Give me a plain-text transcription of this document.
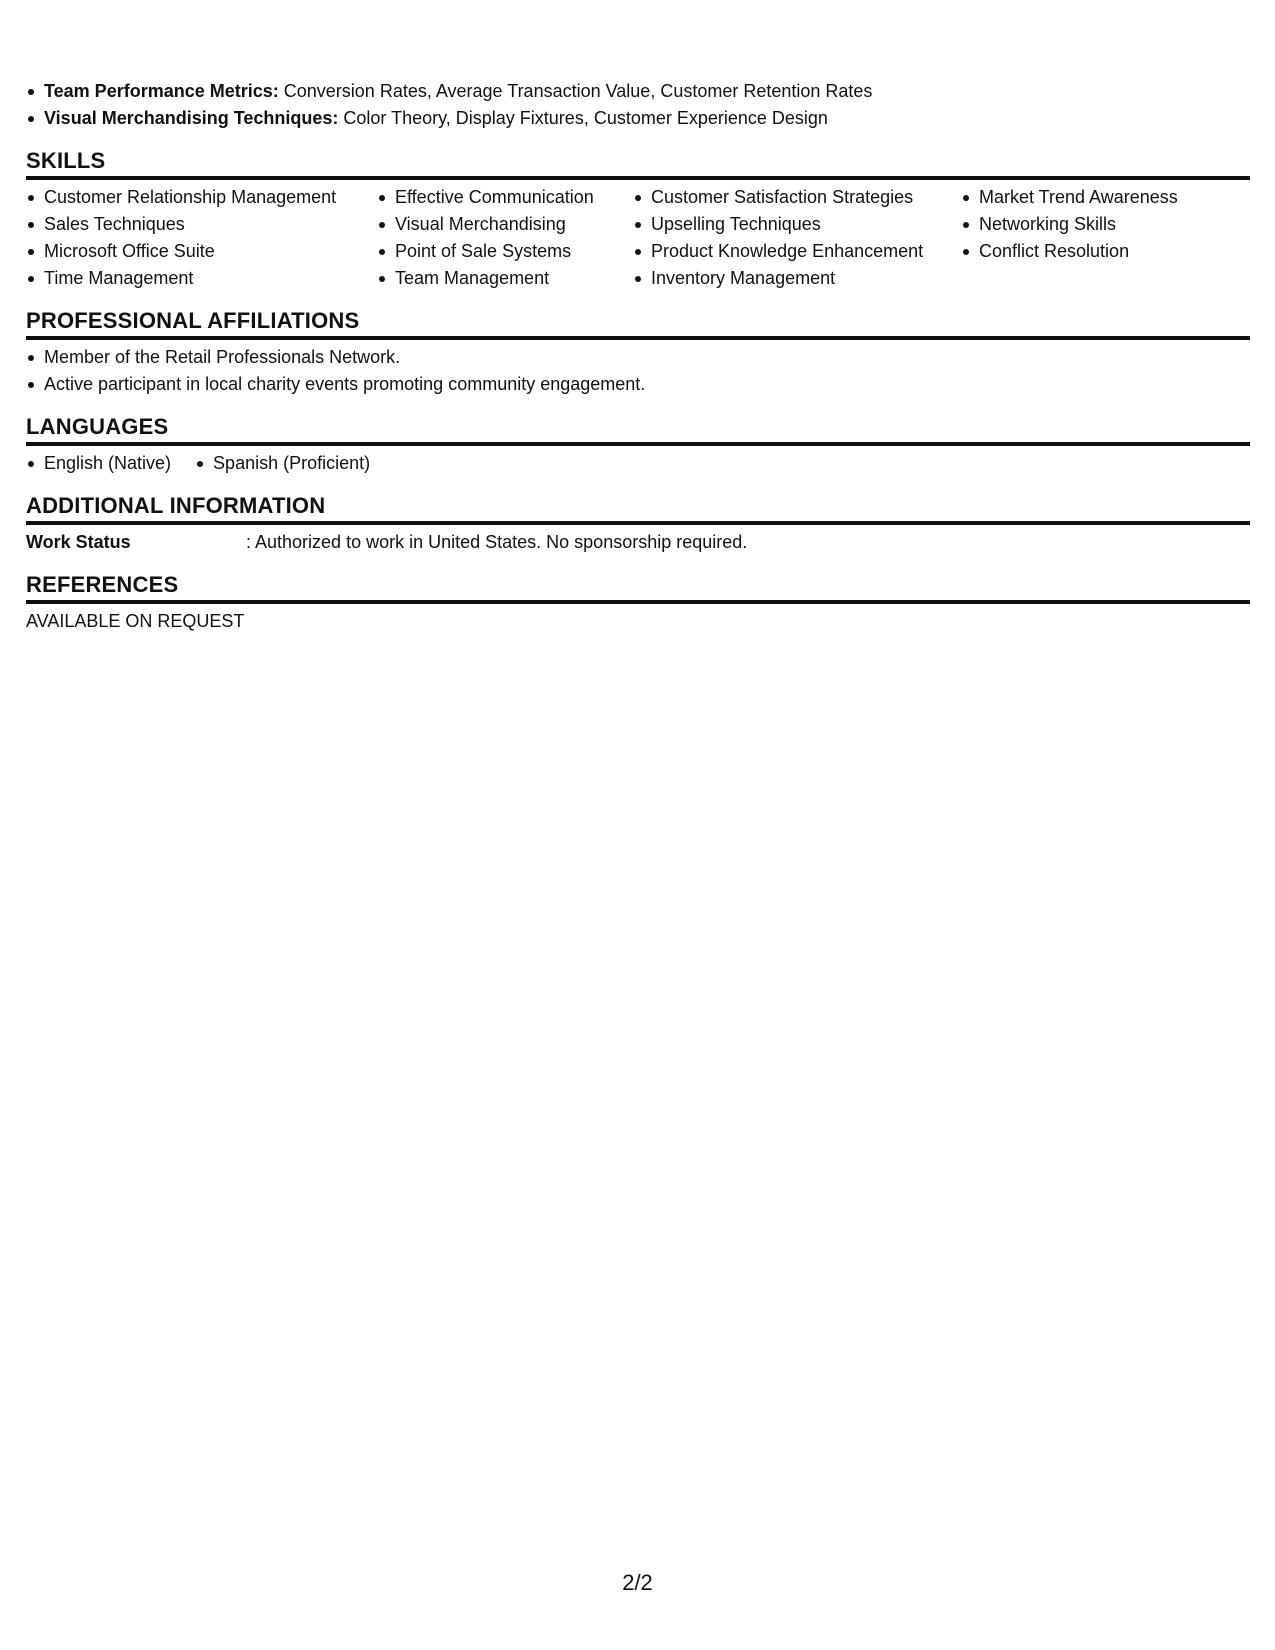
Team Performance Metrics: Conversion Rates, Average Transaction Value, Customer Retention Rates
Visual Merchandising Techniques: Color Theory, Display Fixtures, Customer Experience Design
SKILLS
Customer Relationship Management
Sales Techniques
Microsoft Office Suite
Time Management
Effective Communication
Visual Merchandising
Point of Sale Systems
Team Management
Customer Satisfaction Strategies
Upselling Techniques
Product Knowledge Enhancement
Inventory Management
Market Trend Awareness
Networking Skills
Conflict Resolution
PROFESSIONAL AFFILIATIONS
Member of the Retail Professionals Network.
Active participant in local charity events promoting community engagement.
LANGUAGES
English (Native)	Spanish (Proficient)
ADDITIONAL INFORMATION
Work Status	: Authorized to work in United States. No sponsorship required.
REFERENCES
AVAILABLE ON REQUEST
2/2
